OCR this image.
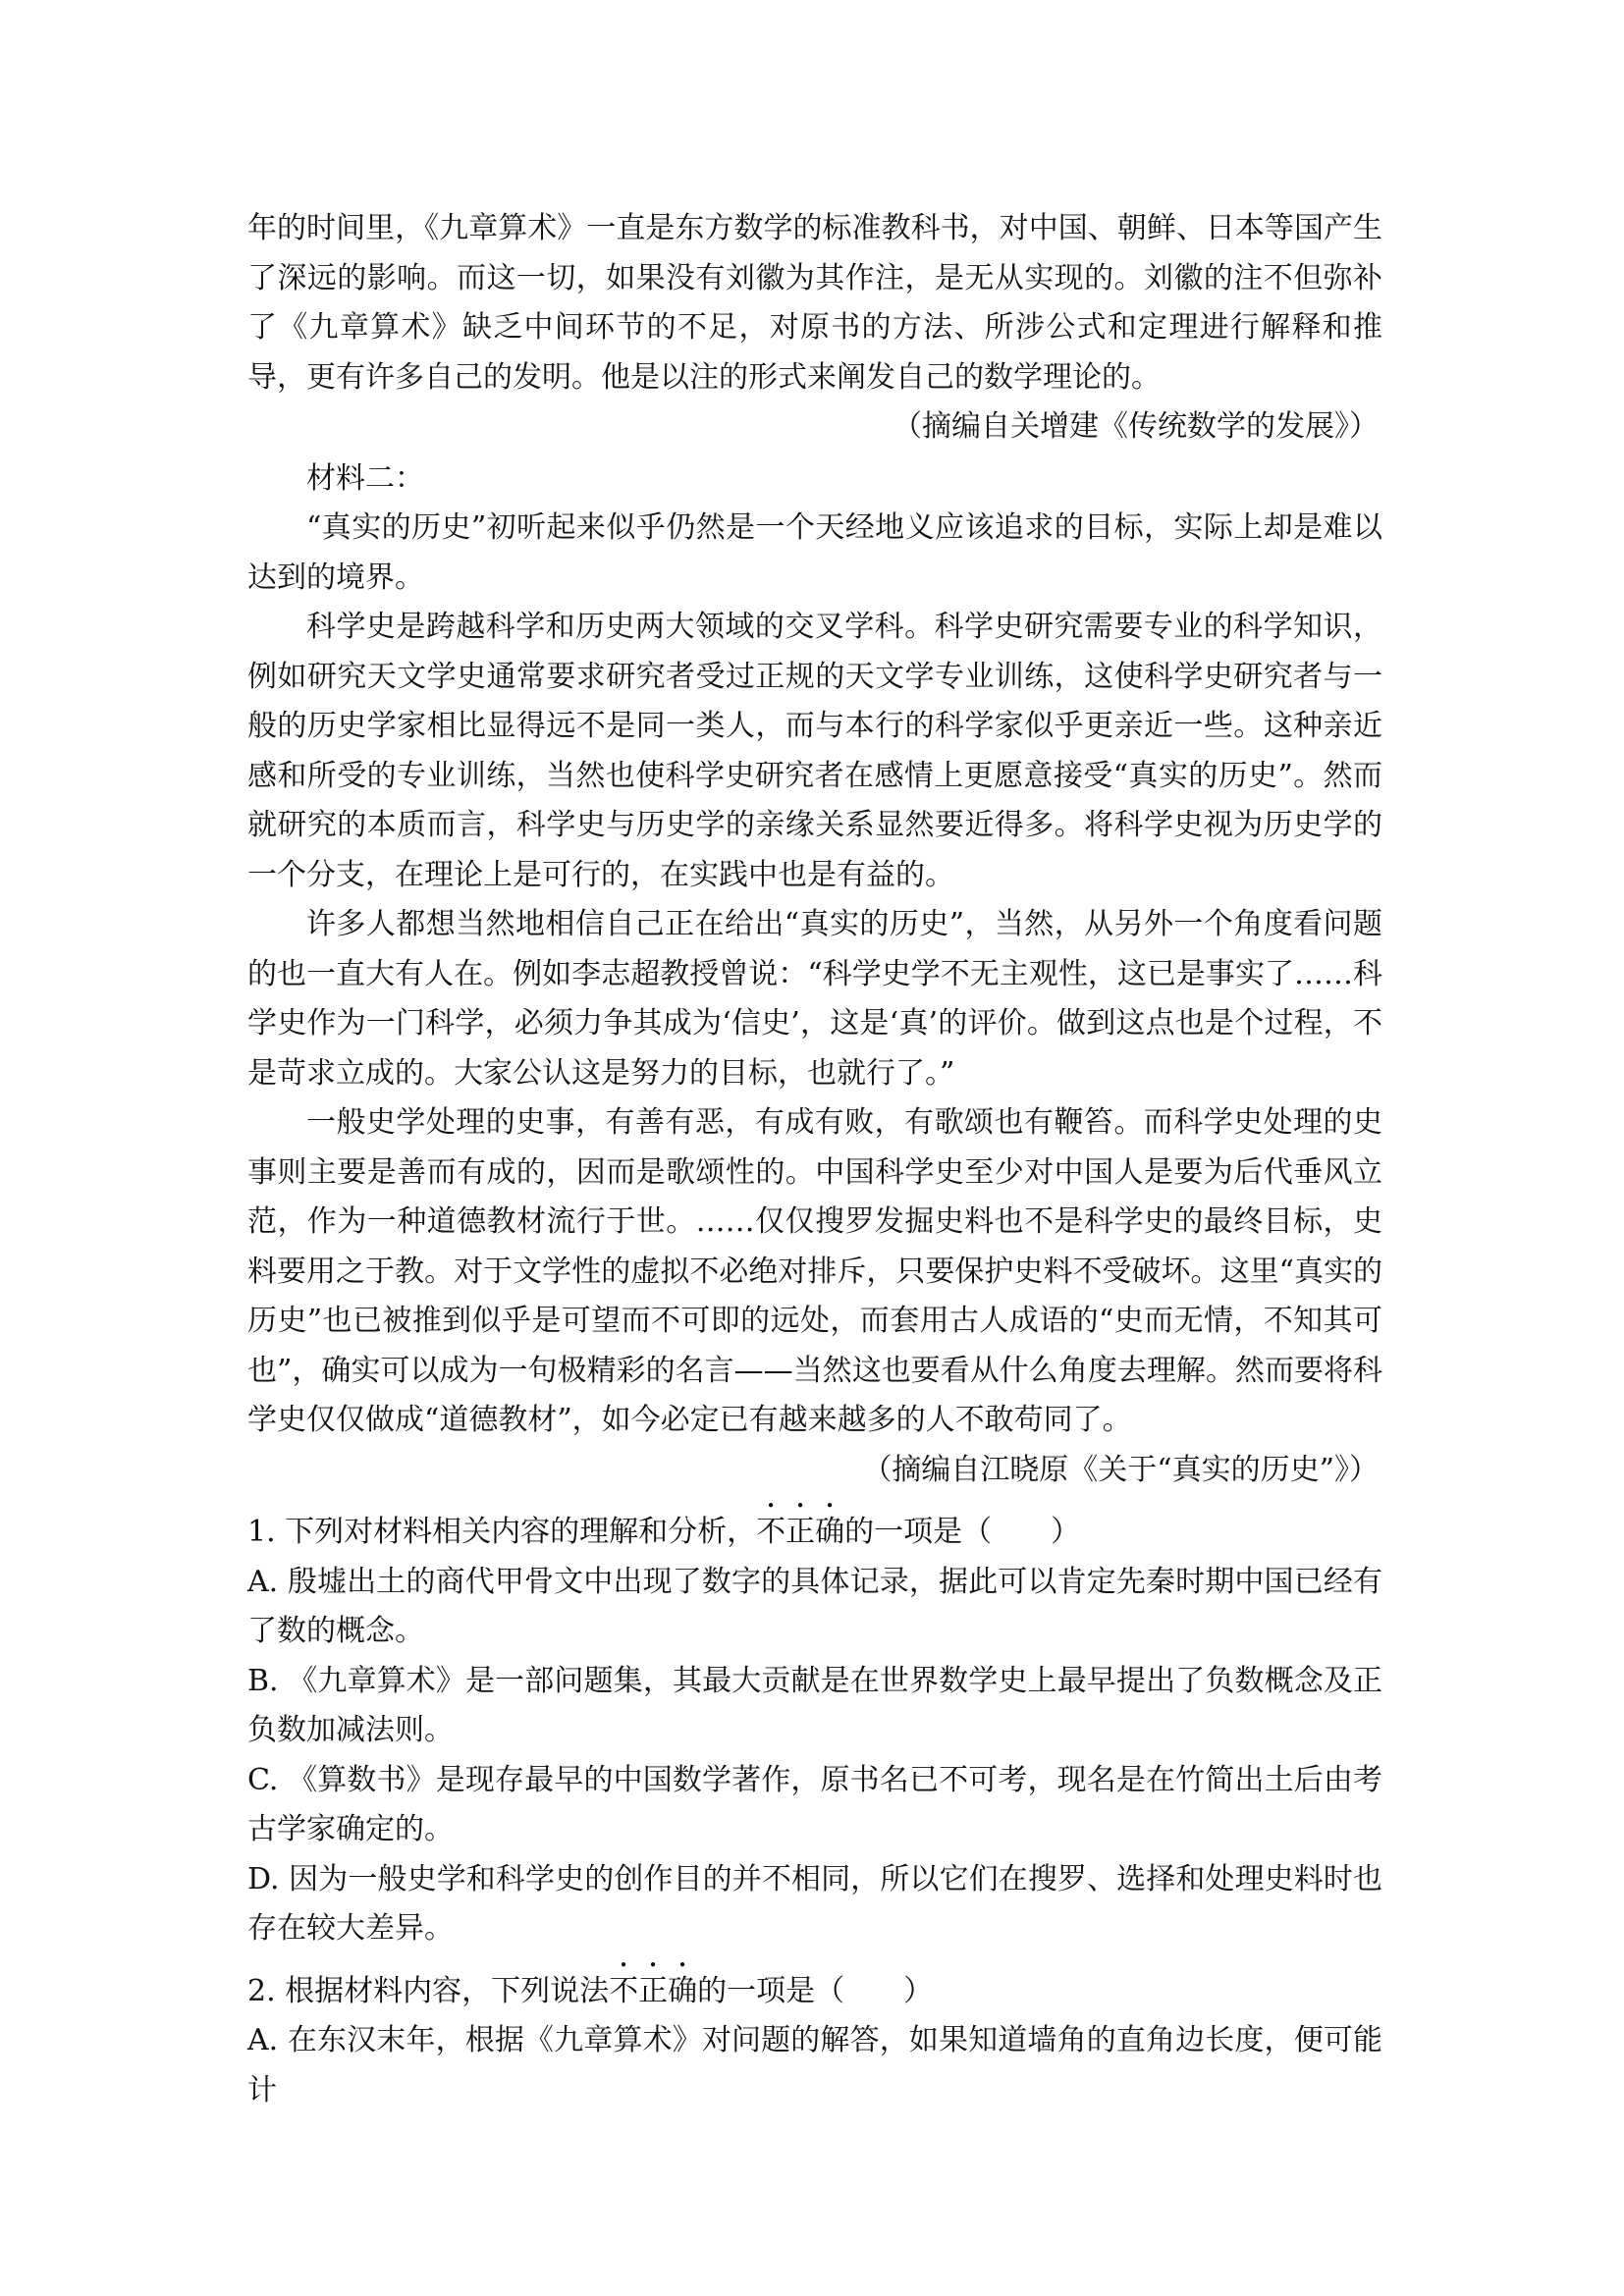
年的时间里，《九章算术》一直是东方数学的标准教科书，对中国、朝鲜、日本等国产生了深远的影响。而这一切，如果没有刘徽为其作注，是无从实现的。刘徽的注不但弥补了《九章算术》缺乏中间环节的不足，对原书的方法、所涉公式和定理进行解释和推导，更有许多自己的发明。他是以注的形式来阐发自己的数学理论的。

（摘编自关增建《传统数学的发展》）

材料二：

“真实的历史”初听起来似乎仍然是一个天经地义应该追求的目标，实际上却是难以达到的境界。

科学史是跨越科学和历史两大领域的交叉学科。科学史研究需要专业的科学知识，例如研究天文学史通常要求研究者受过正规的天文学专业训练，这使科学史研究者与一般的历史学家相比显得远不是同一类人，而与本行的科学家似乎更亲近一些。这种亲近感和所受的专业训练，当然也使科学史研究者在感情上更愿意接受“真实的历史”。然而就研究的本质而言，科学史与历史学的亲缘关系显然要近得多。将科学史视为历史学的一个分支，在理论上是可行的，在实践中也是有益的。

许多人都想当然地相信自己正在给出“真实的历史”，当然，从另外一个角度看问题的也一直大有人在。例如李志超教授曾说：“科学史学不无主观性，这已是事实了……科学史作为一门科学，必须力争其成为‘信史’，这是‘真’的评价。做到这点也是个过程，不是苛求立成的。大家公认这是努力的目标，也就行了。”

一般史学处理的史事，有善有恶，有成有败，有歌颂也有鞭笞。而科学史处理的史事则主要是善而有成的，因而是歌颂性的。中国科学史至少对中国人是要为后代垂风立范，作为一种道德教材流行于世。……仅仅搜罗发掘史料也不是科学史的最终目标，史料要用之于教。对于文学性的虚拟不必绝对排斥，只要保护史料不受破坏。这里“真实的历史”也已被推到似乎是可望而不可即的远处，而套用古人成语的“史而无情，不知其可也”，确实可以成为一句极精彩的名言——当然这也要看从什么角度去理解。然而要将科学史仅仅做成“道德教材”，如今必定已有越来越多的人不敢苟同了。

（摘编自江晓原《关于“真实的历史”》）

1. 下列对材料相关内容的理解和分析，不正确的一项是（　　）

A. 殷墟出土的商代甲骨文中出现了数字的具体记录，据此可以肯定先秦时期中国已经有了数的概念。

B. 《九章算术》是一部问题集，其最大贡献是在世界数学史上最早提出了负数概念及正负数加减法则。

C. 《算数书》是现存最早的中国数学著作，原书名已不可考，现名是在竹简出土后由考古学家确定的。

D. 因为一般史学和科学史的创作目的并不相同，所以它们在搜罗、选择和处理史料时也存在较大差异。

2. 根据材料内容，下列说法不正确的一项是（　　）

A. 在东汉末年，根据《九章算术》对问题的解答，如果知道墙角的直角边长度，便可能计
